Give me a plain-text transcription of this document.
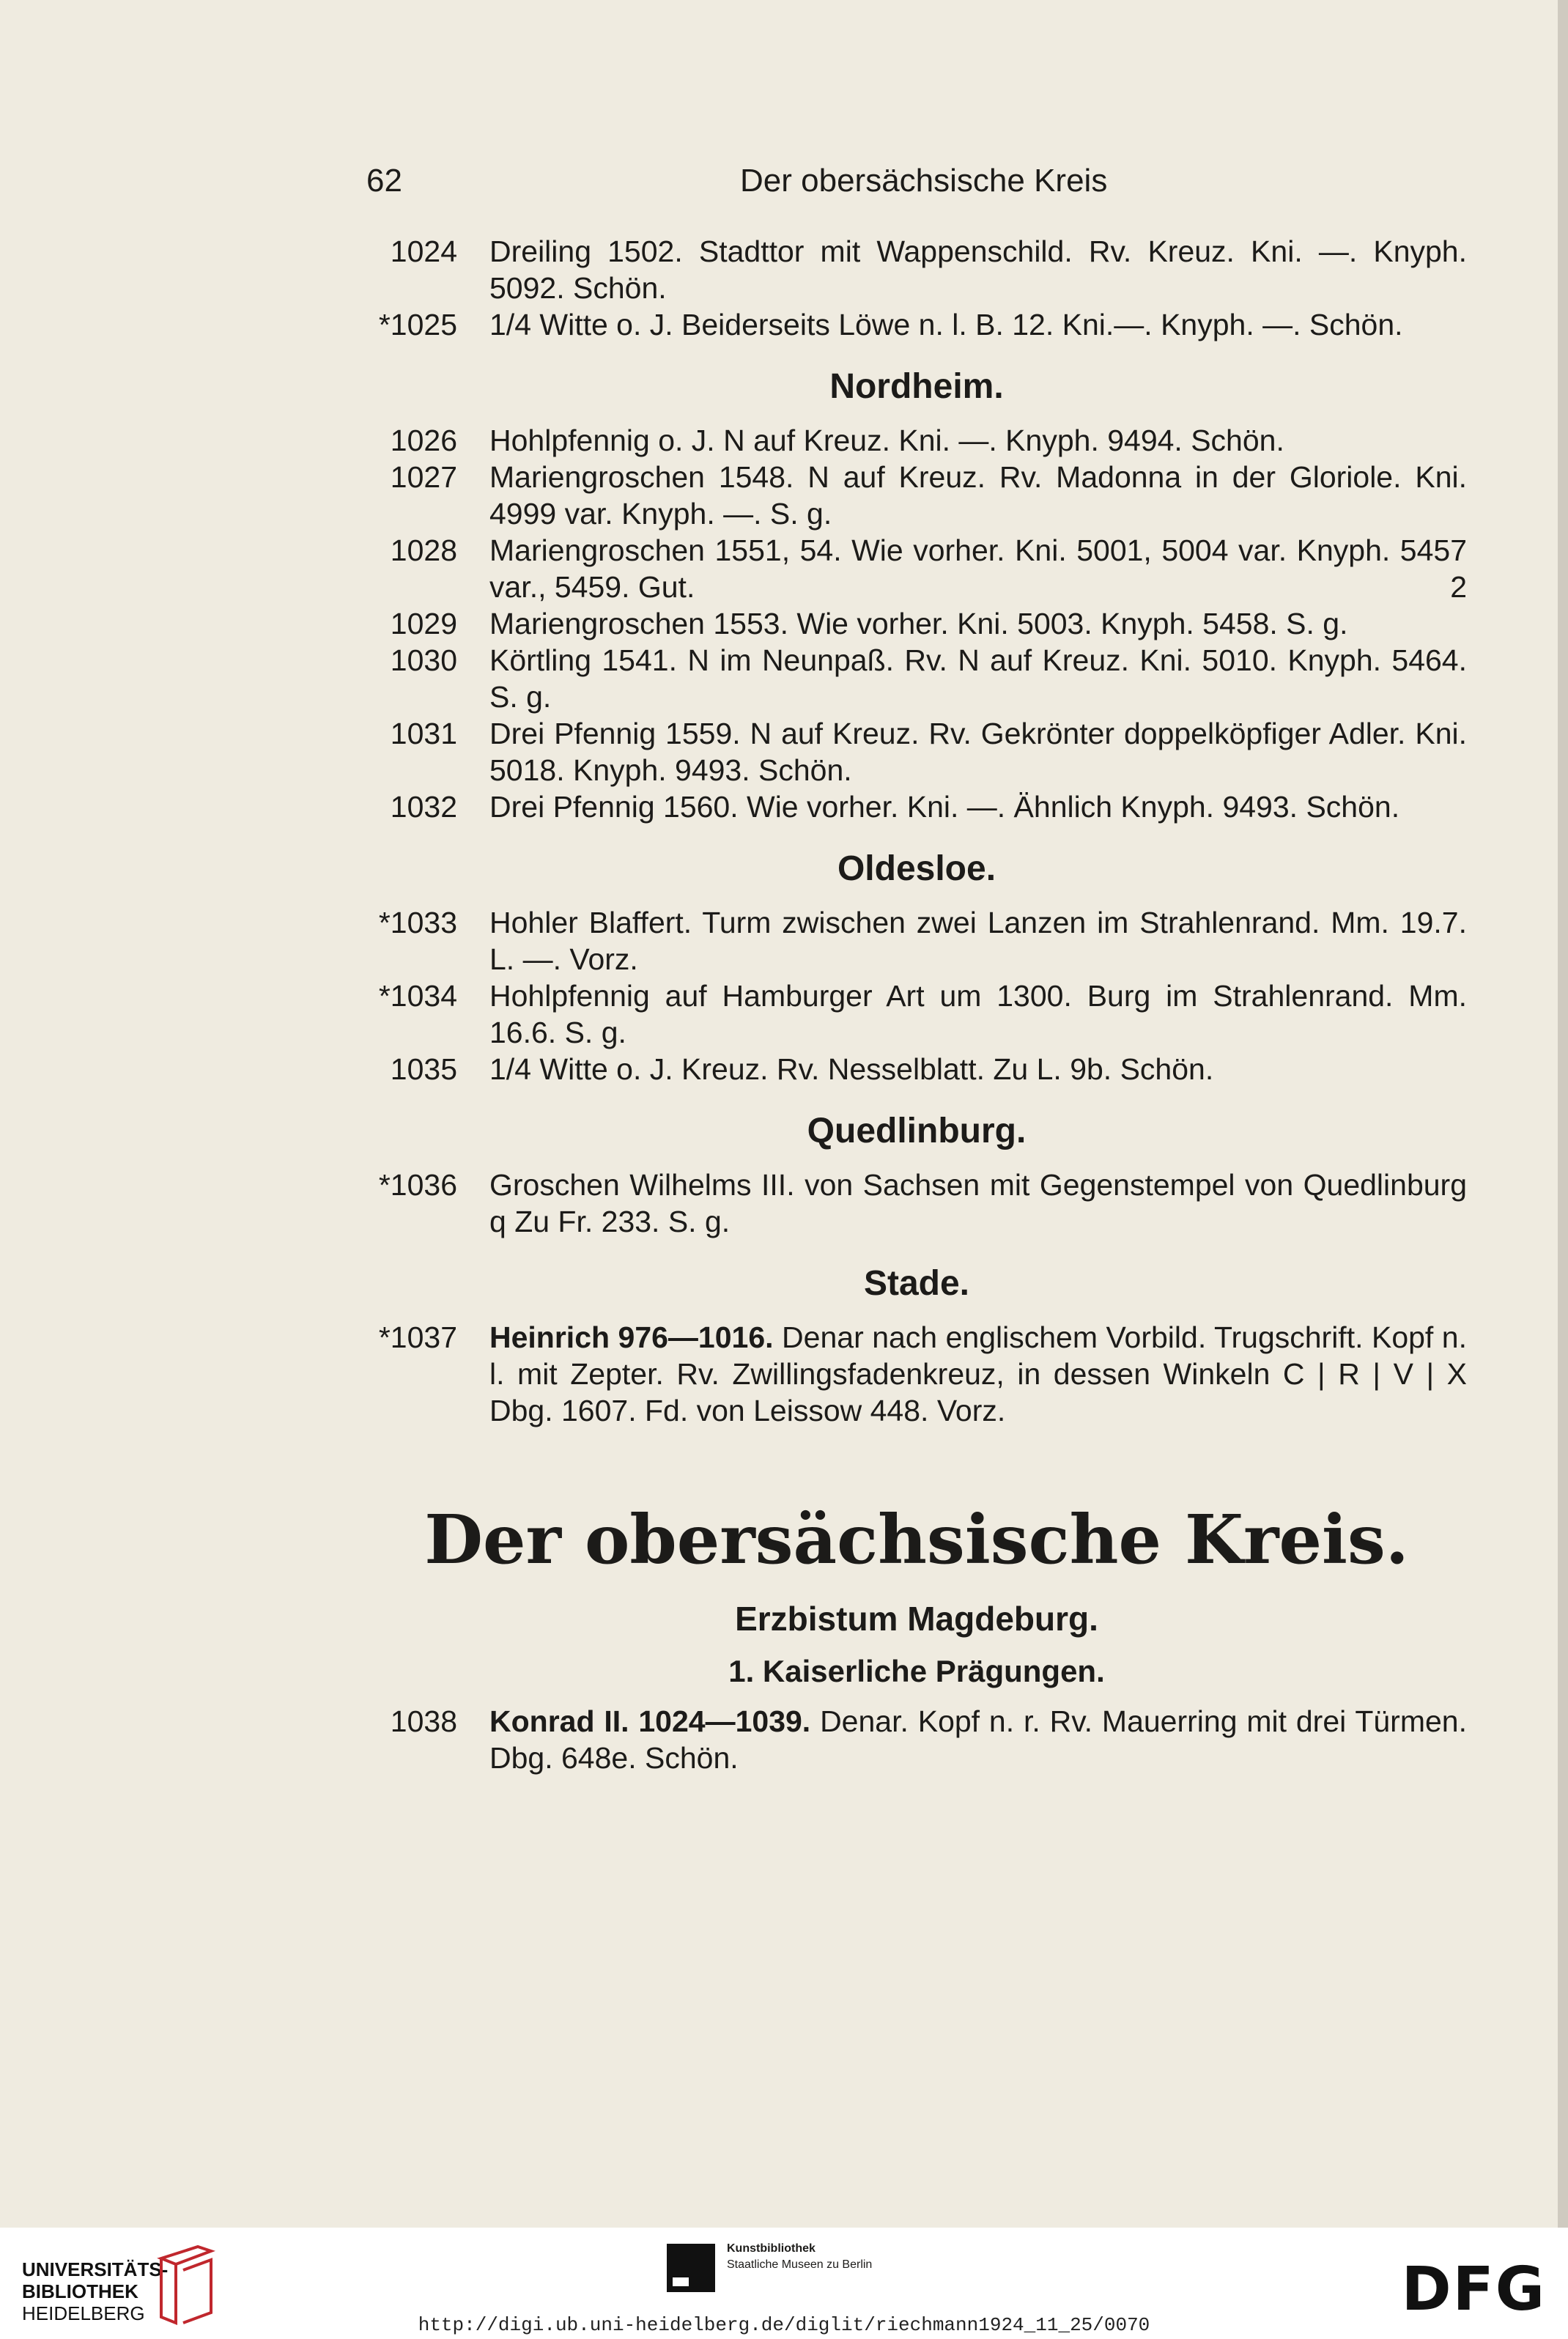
62	Der obersächsische Kreis
1024 Dreiling 1502. Stadttor mit Wappenschild. Rv. Kreuz. Kni. —. Knyph. 5092. Schön.
*1025 1/4 Witte o. J. Beiderseits Löwe n. l. B. 12. Kni.—. Knyph. —. Schön.
Nordheim.
1026 Hohlpfennig o. J. N auf Kreuz. Kni. —. Knyph. 9494. Schön.
1027 Mariengroschen 1548. N auf Kreuz. Rv. Madonna in der Gloriole. Kni. 4999 var. Knyph. —. S. g.
1028 Mariengroschen 1551, 54. Wie vorher. Kni. 5001, 5004 var. Knyph. 5457 var., 5459. Gut.	2
1029 Mariengroschen 1553. Wie vorher. Kni. 5003. Knyph. 5458. S. g.
1030 Körtling 1541. N im Neunpaß. Rv. N auf Kreuz. Kni. 5010. Knyph. 5464. S. g.
1031 Drei Pfennig 1559. N auf Kreuz. Rv. Gekrönter doppelköpfiger Adler. Kni. 5018. Knyph. 9493. Schön.
1032 Drei Pfennig 1560. Wie vorher. Kni. —. Ähnlich Knyph. 9493. Schön.
Oldesloe.
*1033 Hohler Blaffert. Turm zwischen zwei Lanzen im Strahlenrand. Mm. 19.7. L. —. Vorz.
*1034 Hohlpfennig auf Hamburger Art um 1300. Burg im Strahlenrand. Mm. 16.6. S. g.
1035 1/4 Witte o. J. Kreuz. Rv. Nesselblatt. Zu L. 9b. Schön.
Quedlinburg.
*1036 Groschen Wilhelms III. von Sachsen mit Gegenstempel von Quedlinburg q Zu Fr. 233. S. g.
Stade.
*1037 Heinrich 976—1016. Denar nach englischem Vorbild. Trugschrift. Kopf n. l. mit Zepter. Rv. Zwillingsfadenkreuz, in dessen Winkeln C | R | V | X Dbg. 1607. Fd. von Leissow 448. Vorz.
Der obersächsische Kreis.
Erzbistum Magdeburg.
1. Kaiserliche Prägungen.
1038 Konrad II. 1024—1039. Denar. Kopf n. r. Rv. Mauerring mit drei Türmen. Dbg. 648e. Schön.
UNIVERSITÄTS-
BIBLIOTHEK
HEIDELBERG
Kunstbibliothek
Staatliche Museen zu Berlin	DFG
http://digi.ub.uni-heidelberg.de/diglit/riechmann1924_11_25/0070
